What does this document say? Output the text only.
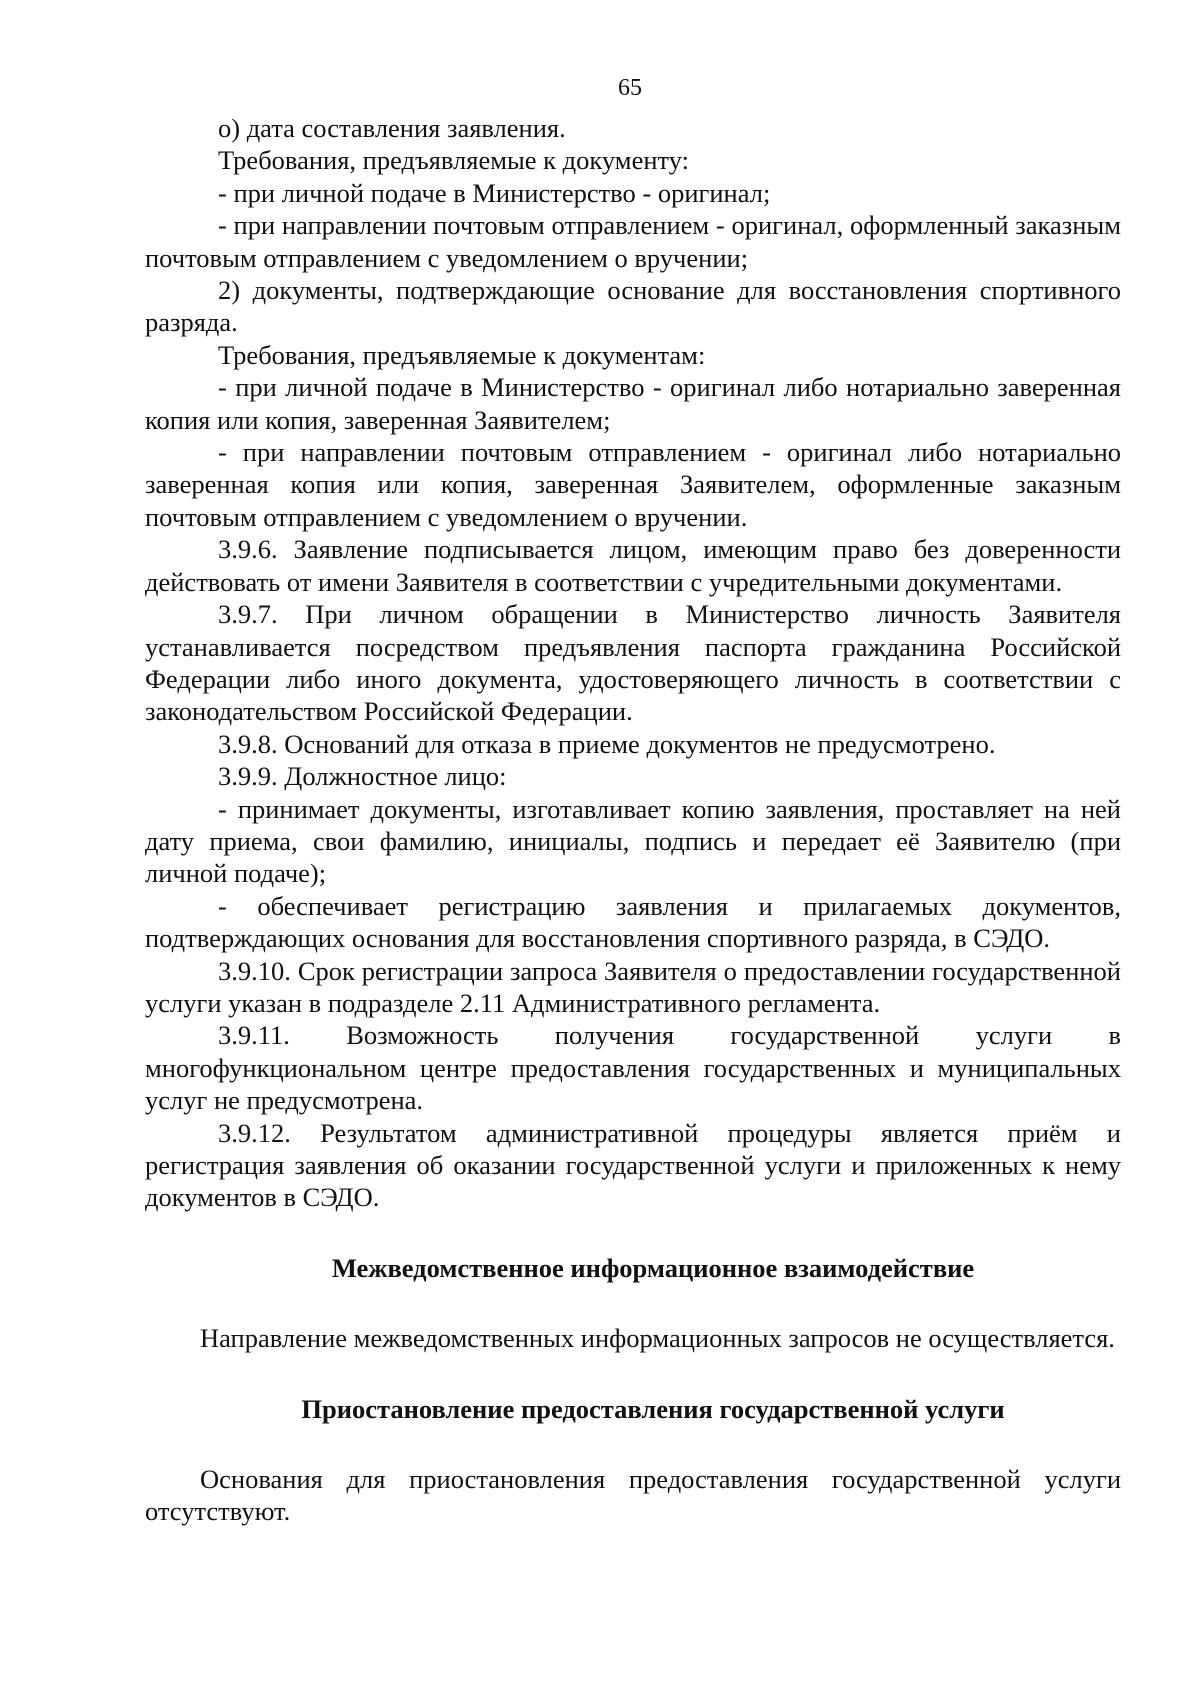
65

о) дата составления заявления.

Требования, предъявляемые к документу:

- при личной подаче в Министерство - оригинал;

- при направлении почтовым отправлением - оригинал, оформленный заказным почтовым отправлением с уведомлением о вручении;

2) документы, подтверждающие основание для восстановления спортивного разряда.

Требования, предъявляемые к документам:

- при личной подаче в Министерство - оригинал либо нотариально заверенная копия или копия, заверенная Заявителем;

- при направлении почтовым отправлением - оригинал либо нотариально заверенная копия или копия, заверенная Заявителем, оформленные заказным почтовым отправлением с уведомлением о вручении.

3.9.6. Заявление подписывается лицом, имеющим право без доверенности действовать от имени Заявителя в соответствии с учредительными документами.

3.9.7. При личном обращении в Министерство личность Заявителя устанавливается посредством предъявления паспорта гражданина Российской Федерации либо иного документа, удостоверяющего личность в соответствии с законодательством Российской Федерации.

3.9.8. Оснований для отказа в приеме документов не предусмотрено.

3.9.9. Должностное лицо:

- принимает документы, изготавливает копию заявления, проставляет на ней дату приема, свои фамилию, инициалы, подпись и передает её Заявителю (при личной подаче);

- обеспечивает регистрацию заявления и прилагаемых документов, подтверждающих основания для восстановления спортивного разряда, в СЭДО.

3.9.10. Срок регистрации запроса Заявителя о предоставлении государственной услуги указан в подразделе 2.11 Административного регламента.

3.9.11. Возможность получения государственной услуги в многофункциональном центре предоставления государственных и муниципальных услуг не предусмотрена.

3.9.12. Результатом административной процедуры является приём и регистрация заявления об оказании государственной услуги и приложенных к нему документов в СЭДО.

Межведомственное информационное взаимодействие

Направление межведомственных информационных запросов не осуществляется.

Приостановление предоставления государственной услуги

Основания для приостановления предоставления государственной услуги отсутствуют.
